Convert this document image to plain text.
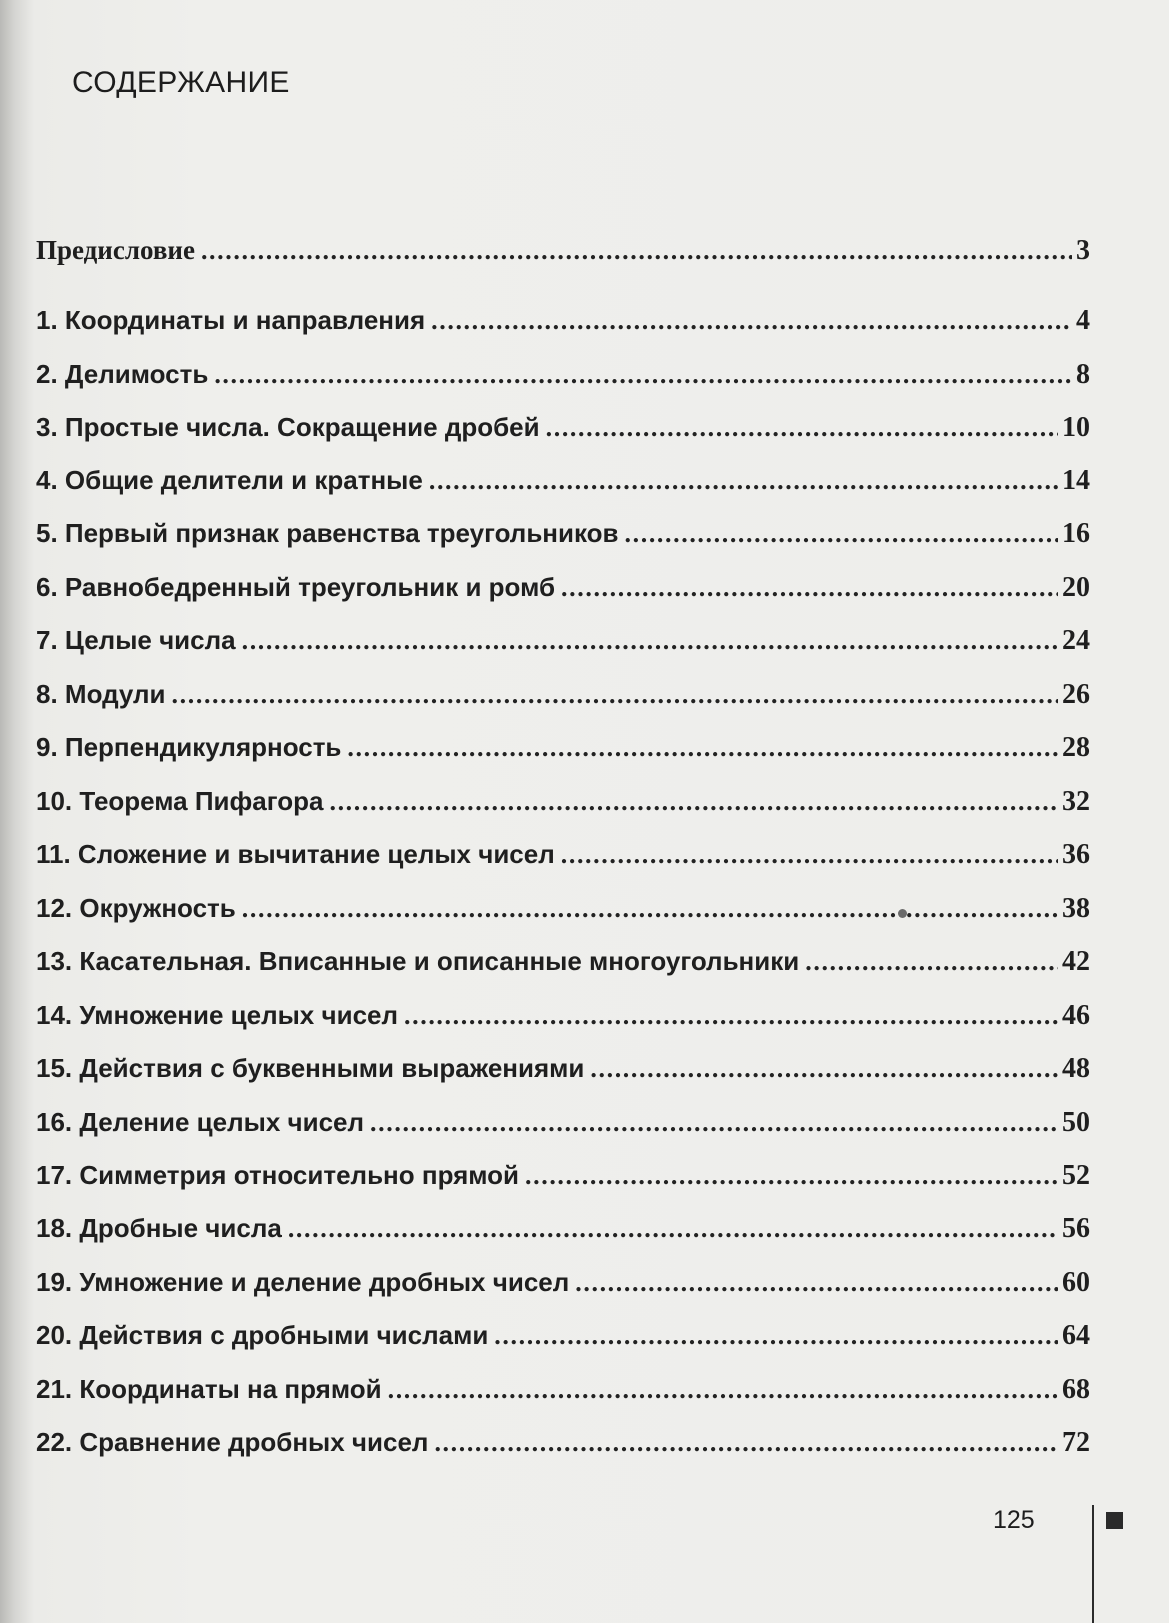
СОДЕРЖАНИЕ
Предисловие .....	3
1. Координаты и направления .....	4
2. Делимость .....	8
3. Простые числа. Сокращение дробей .....	10
4. Общие делители и кратные .....	14
5. Первый признак равенства треугольников .....	16
6. Равнобедренный треугольник и ромб .....	20
7. Целые числа .....	24
8. Модули .....	26
9. Перпендикулярность .....	28
10. Теорема Пифагора .....	32
11. Сложение и вычитание целых чисел .....	36
12. Окружность .....	38
13. Касательная. Вписанные и описанные многоугольники .....	42
14. Умножение целых чисел .....	46
15. Действия с буквенными выражениями .....	48
16. Деление целых чисел .....	50
17. Симметрия относительно прямой .....	52
18. Дробные числа .....	56
19. Умножение и деление дробных чисел .....	60
20. Действия с дробными числами .....	64
21. Координаты на прямой .....	68
22. Сравнение дробных чисел .....	72
125
